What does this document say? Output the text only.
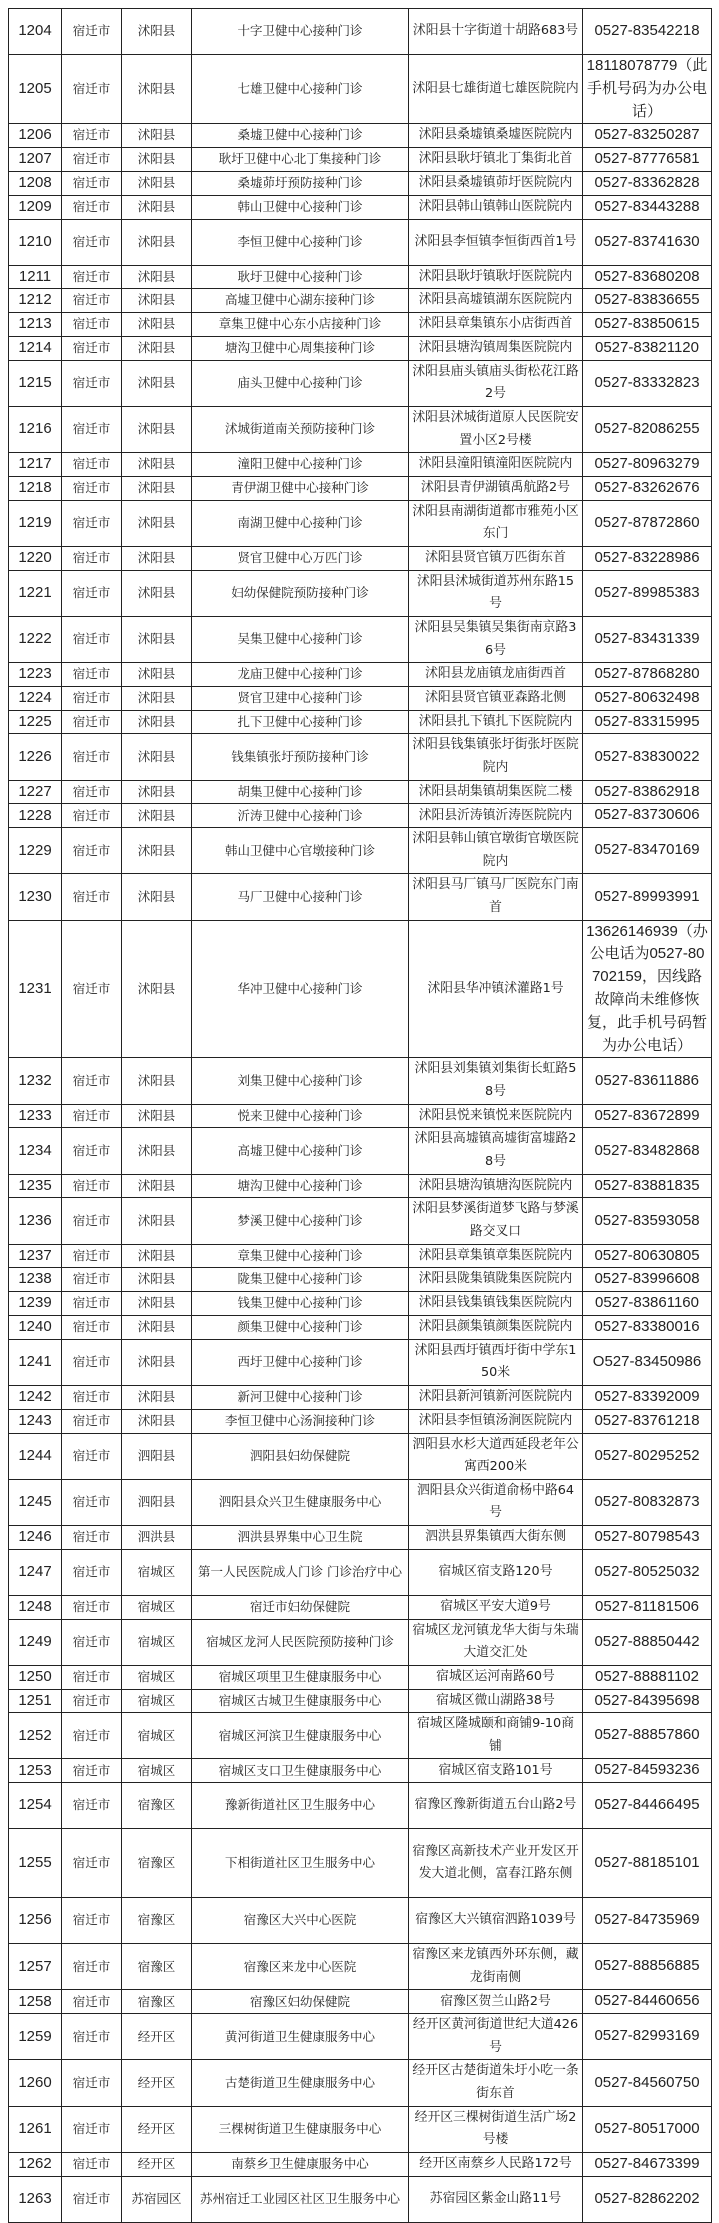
1204	宿迁市	沭阳县	十字卫健中心接种门诊	沭阳县十字街道十胡路683号	0527-83542218
1205	宿迁市	沭阳县	七雄卫健中心接种门诊	沭阳县七雄街道七雄医院院内	18118078779（此手机号码为办公电话）
1206	宿迁市	沭阳县	桑墟卫健中心接种门诊	沭阳县桑墟镇桑墟医院院内	0527-83250287
1207	宿迁市	沭阳县	耿圩卫健中心北丁集接种门诊	沭阳县耿圩镇北丁集街北首	0527-87776581
1208	宿迁市	沭阳县	桑墟茆圩预防接种门诊	沭阳县桑墟镇茆圩医院院内	0527-83362828
1209	宿迁市	沭阳县	韩山卫健中心接种门诊	沭阳县韩山镇韩山医院院内	0527-83443288
1210	宿迁市	沭阳县	李恒卫健中心接种门诊	沭阳县李恒镇李恒街西首1号	0527-83741630
1211	宿迁市	沭阳县	耿圩卫健中心接种门诊	沭阳县耿圩镇耿圩医院院内	0527-83680208
1212	宿迁市	沭阳县	高墟卫健中心湖东接种门诊	沭阳县高墟镇湖东医院院内	0527-83836655
1213	宿迁市	沭阳县	章集卫健中心东小店接种门诊	沭阳县章集镇东小店街西首	0527-83850615
1214	宿迁市	沭阳县	塘沟卫健中心周集接种门诊	沭阳县塘沟镇周集医院院内	0527-83821120
1215	宿迁市	沭阳县	庙头卫健中心接种门诊	沭阳县庙头镇庙头街松花江路2号	0527-83332823
1216	宿迁市	沭阳县	沭城街道南关预防接种门诊	沭阳县沭城街道原人民医院安置小区2号楼	0527-82086255
1217	宿迁市	沭阳县	潼阳卫健中心接种门诊	沭阳县潼阳镇潼阳医院院内	0527-80963279
1218	宿迁市	沭阳县	青伊湖卫健中心接种门诊	沭阳县青伊湖镇禹航路2号	0527-83262676
1219	宿迁市	沭阳县	南湖卫健中心接种门诊	沭阳县南湖街道都市雅苑小区东门	0527-87872860
1220	宿迁市	沭阳县	贤官卫健中心万匹门诊	沭阳县贤官镇万匹街东首	0527-83228986
1221	宿迁市	沭阳县	妇幼保健院预防接种门诊	沭阳县沭城街道苏州东路15号	0527-89985383
1222	宿迁市	沭阳县	吴集卫健中心接种门诊	沭阳县吴集镇吴集街南京路36号	0527-83431339
1223	宿迁市	沭阳县	龙庙卫健中心接种门诊	沭阳县龙庙镇龙庙街西首	0527-87868280
1224	宿迁市	沭阳县	贤官卫建中心接种门诊	沭阳县贤官镇亚森路北侧	0527-80632498
1225	宿迁市	沭阳县	扎下卫健中心接种门诊	沭阳县扎下镇扎下医院院内	0527-83315995
1226	宿迁市	沭阳县	钱集镇张圩预防接种门诊	沭阳县钱集镇张圩街张圩医院院内	0527-83830022
1227	宿迁市	沭阳县	胡集卫健中心接种门诊	沭阳县胡集镇胡集医院二楼	0527-83862918
1228	宿迁市	沭阳县	沂涛卫健中心接种门诊	沭阳县沂涛镇沂涛医院院内	0527-83730606
1229	宿迁市	沭阳县	韩山卫健中心官墩接种门诊	沭阳县韩山镇官墩街官墩医院院内	0527-83470169
1230	宿迁市	沭阳县	马厂卫健中心接种门诊	沭阳县马厂镇马厂医院东门南首	0527-89993991
1231	宿迁市	沭阳县	华冲卫健中心接种门诊	沭阳县华冲镇沭灌路1号	13626146939（办公电话为0527-80702159，因线路故障尚未维修恢复，此手机号码暂为办公电话）
1232	宿迁市	沭阳县	刘集卫健中心接种门诊	沭阳县刘集镇刘集街长虹路58号	0527-83611886
1233	宿迁市	沭阳县	悦来卫健中心接种门诊	沭阳县悦来镇悦来医院院内	0527-83672899
1234	宿迁市	沭阳县	高墟卫健中心接种门诊	沭阳县高墟镇高墟街富墟路28号	0527-83482868
1235	宿迁市	沭阳县	塘沟卫健中心接种门诊	沭阳县塘沟镇塘沟医院院内	0527-83881835
1236	宿迁市	沭阳县	梦溪卫健中心接种门诊	沭阳县梦溪街道梦飞路与梦溪路交叉口	0527-83593058
1237	宿迁市	沭阳县	章集卫健中心接种门诊	沭阳县章集镇章集医院院内	0527-80630805
1238	宿迁市	沭阳县	陇集卫健中心接种门诊	沭阳县陇集镇陇集医院院内	0527-83996608
1239	宿迁市	沭阳县	钱集卫健中心接种门诊	沭阳县钱集镇钱集医院院内	0527-83861160
1240	宿迁市	沭阳县	颜集卫健中心接种门诊	沭阳县颜集镇颜集医院院内	0527-83380016
1241	宿迁市	沭阳县	西圩卫健中心接种门诊	沭阳县西圩镇西圩街中学东150米	O527-83450986
1242	宿迁市	沭阳县	新河卫健中心接种门诊	沭阳县新河镇新河医院院内	0527-83392009
1243	宿迁市	沭阳县	李恒卫健中心汤涧接种门诊	沭阳县李恒镇汤涧医院院内	0527-83761218
1244	宿迁市	泗阳县	泗阳县妇幼保健院	泗阳县水杉大道西延段老年公寓西200米	0527-80295252
1245	宿迁市	泗阳县	泗阳县众兴卫生健康服务中心	泗阳县众兴街道俞杨中路64号	0527-80832873
1246	宿迁市	泗洪县	泗洪县界集中心卫生院	泗洪县界集镇西大街东侧	0527-80798543
1247	宿迁市	宿城区	第一人民医院成人门诊 门诊治疗中心	宿城区宿支路120号	0527-80525032
1248	宿迁市	宿城区	宿迁市妇幼保健院	宿城区平安大道9号	0527-81181506
1249	宿迁市	宿城区	宿城区龙河人民医院预防接种门诊	宿城区龙河镇龙华大街与朱瑞大道交汇处	0527-88850442
1250	宿迁市	宿城区	宿城区项里卫生健康服务中心	宿城区运河南路60号	0527-88881102
1251	宿迁市	宿城区	宿城区古城卫生健康服务中心	宿城区微山湖路38号	0527-84395698
1252	宿迁市	宿城区	宿城区河滨卫生健康服务中心	宿城区隆城颐和商铺9-10商铺	0527-88857860
1253	宿迁市	宿城区	宿城区支口卫生健康服务中心	宿城区宿支路101号	0527-84593236
1254	宿迁市	宿豫区	豫新街道社区卫生服务中心	宿豫区豫新街道五台山路2号	0527-84466495
1255	宿迁市	宿豫区	下相街道社区卫生服务中心	宿豫区高新技术产业开发区开发大道北侧，富春江路东侧	0527-88185101
1256	宿迁市	宿豫区	宿豫区大兴中心医院	宿豫区大兴镇宿泗路1039号	0527-84735969
1257	宿迁市	宿豫区	宿豫区来龙中心医院	宿豫区来龙镇西外环东侧，藏龙街南侧	0527-88856885
1258	宿迁市	宿豫区	宿豫区妇幼保健院	宿豫区贺兰山路2号	0527-84460656
1259	宿迁市	经开区	黄河街道卫生健康服务中心	经开区黄河街道世纪大道426号	0527-82993169
1260	宿迁市	经开区	古楚街道卫生健康服务中心	经开区古楚街道朱圩小吃一条街东首	0527-84560750
1261	宿迁市	经开区	三棵树街道卫生健康服务中心	经开区三棵树街道生活广场2号楼	0527-80517000
1262	宿迁市	经开区	南蔡乡卫生健康服务中心	经开区南蔡乡人民路172号	0527-84673399
1263	宿迁市	苏宿园区	苏州宿迁工业园区社区卫生服务中心	苏宿园区紫金山路11号	0527-82862202
